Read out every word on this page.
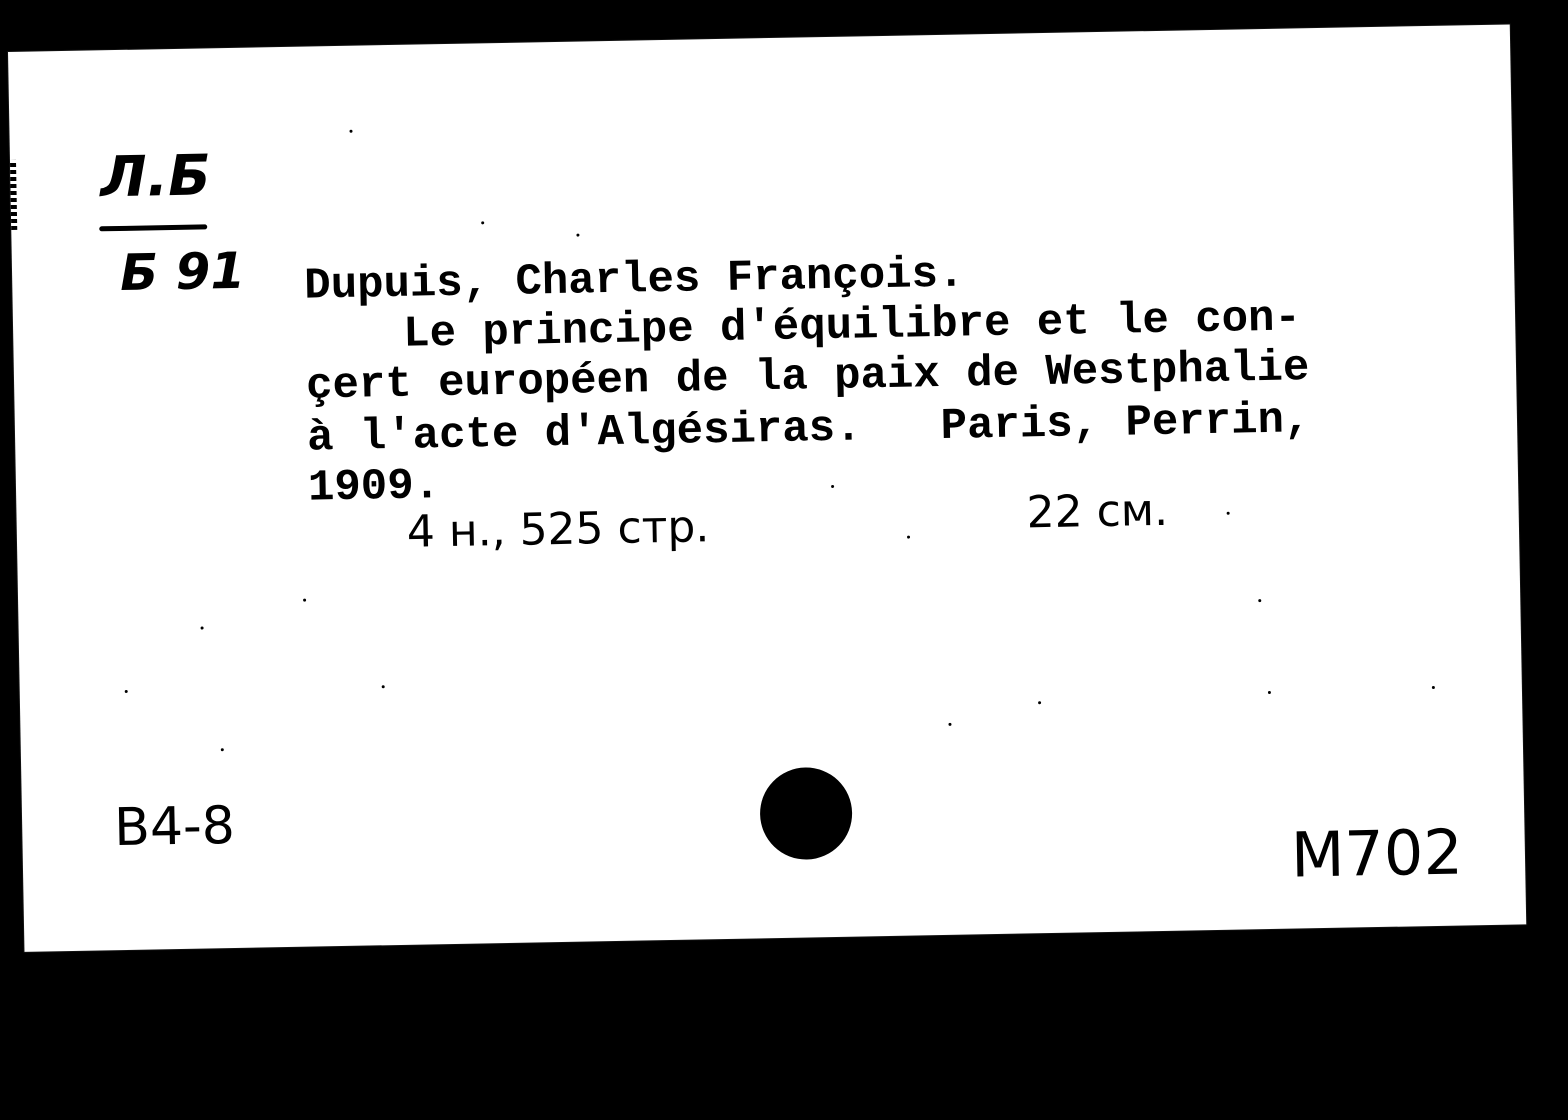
Л.Б
Б 91 Dupuis, Charles François.
Le principe d'équilibre et le con-
çert européen de la paix de Westphalie
à l'acte d'Algésiras.   Paris, Perrin,
1909.
4 н., 525 стр.	22 см.
В4-8	M702
